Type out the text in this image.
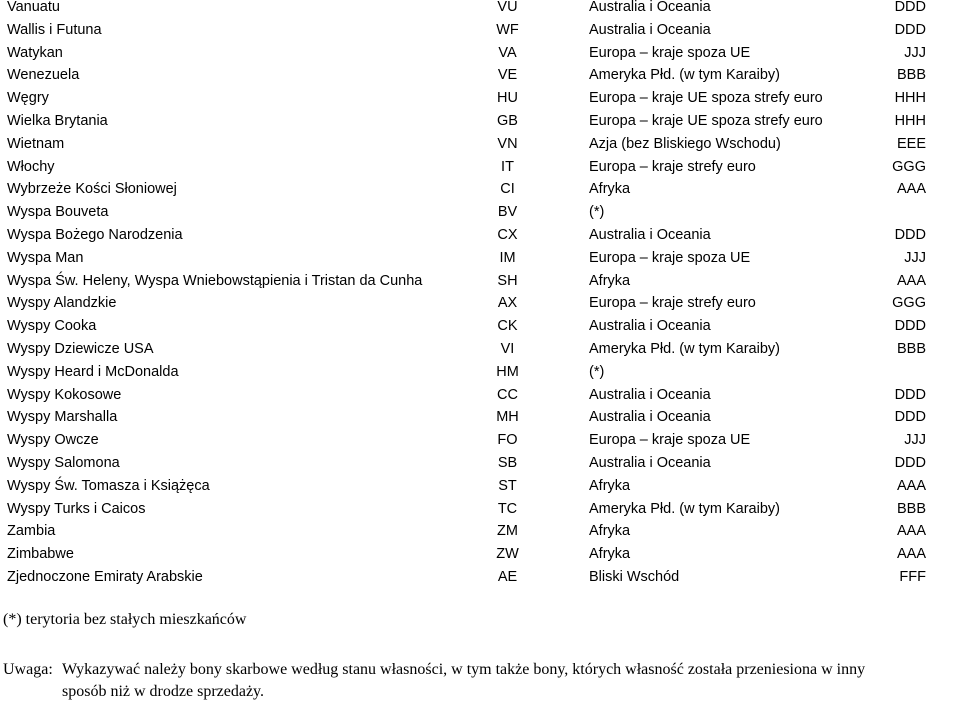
Vanuatu	VU	Australia i Oceania	DDD
Wallis i Futuna	WF	Australia i Oceania	DDD
Watykan	VA	Europa – kraje spoza UE	JJJ
Wenezuela	VE	Ameryka Płd. (w tym Karaiby)	BBB
Węgry	HU	Europa – kraje UE spoza strefy euro	HHH
Wielka Brytania	GB	Europa – kraje UE spoza strefy euro	HHH
Wietnam	VN	Azja (bez Bliskiego Wschodu)	EEE
Włochy	IT	Europa – kraje strefy euro	GGG
Wybrzeże Kości Słoniowej	CI	Afryka	AAA
Wyspa Bouveta	BV	(*)
Wyspa Bożego Narodzenia	CX	Australia i Oceania	DDD
Wyspa Man	IM	Europa – kraje spoza UE	JJJ
Wyspa Św. Heleny, Wyspa Wniebowstąpienia i Tristan da Cunha	SH	Afryka	AAA
Wyspy Alandzkie	AX	Europa – kraje strefy euro	GGG
Wyspy Cooka	CK	Australia i Oceania	DDD
Wyspy Dziewicze USA	VI	Ameryka Płd. (w tym Karaiby)	BBB
Wyspy Heard i McDonalda	HM	(*)
Wyspy Kokosowe	CC	Australia i Oceania	DDD
Wyspy Marshalla	MH	Australia i Oceania	DDD
Wyspy Owcze	FO	Europa – kraje spoza UE	JJJ
Wyspy Salomona	SB	Australia i Oceania	DDD
Wyspy Św. Tomasza i Książęca	ST	Afryka	AAA
Wyspy Turks i Caicos	TC	Ameryka Płd. (w tym Karaiby)	BBB
Zambia	ZM	Afryka	AAA
Zimbabwe	ZW	Afryka	AAA
Zjednoczone Emiraty Arabskie	AE	Bliski Wschód	FFF
(*) terytoria bez stałych mieszkańców
Uwaga: Wykazywać należy bony skarbowe według stanu własności, w tym także bony, których własność została przeniesiona w inny
sposób niż w drodze sprzedaży.
